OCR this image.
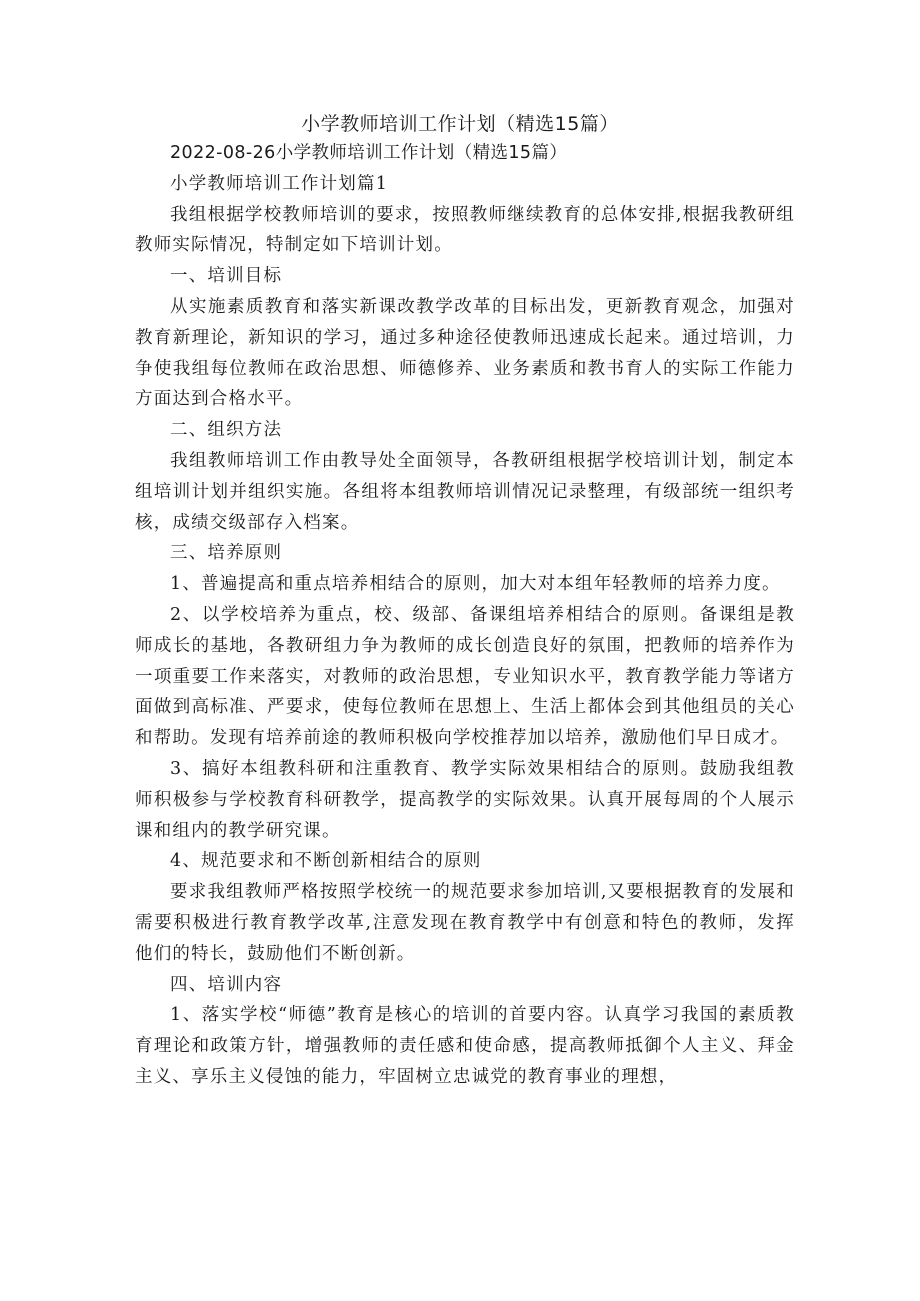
小学教师培训工作计划（精选15篇）

2022-08-26小学教师培训工作计划（精选15篇）

小学教师培训工作计划篇1

我组根据学校教师培训的要求，按照教师继续教育的总体安排,根据我教研组教师实际情况，特制定如下培训计划。

一、培训目标

从实施素质教育和落实新课改教学改革的目标出发，更新教育观念，加强对教育新理论，新知识的学习，通过多种途径使教师迅速成长起来。通过培训，力争使我组每位教师在政治思想、师德修养、业务素质和教书育人的实际工作能力方面达到合格水平。

二、组织方法

我组教师培训工作由教导处全面领导，各教研组根据学校培训计划，制定本组培训计划并组织实施。各组将本组教师培训情况记录整理，有级部统一组织考核，成绩交级部存入档案。

三、培养原则

1、普遍提高和重点培养相结合的原则，加大对本组年轻教师的培养力度。

2、以学校培养为重点，校、级部、备课组培养相结合的原则。备课组是教师成长的基地，各教研组力争为教师的成长创造良好的氛围，把教师的培养作为一项重要工作来落实，对教师的政治思想，专业知识水平，教育教学能力等诸方面做到高标准、严要求，使每位教师在思想上、生活上都体会到其他组员的关心和帮助。发现有培养前途的教师积极向学校推荐加以培养，激励他们早日成才。

3、搞好本组教科研和注重教育、教学实际效果相结合的原则。鼓励我组教师积极参与学校教育科研教学，提高教学的实际效果。认真开展每周的个人展示课和组内的教学研究课。

4、规范要求和不断创新相结合的原则

要求我组教师严格按照学校统一的规范要求参加培训,又要根据教育的发展和需要积极进行教育教学改革,注意发现在教育教学中有创意和特色的教师，发挥他们的特长，鼓励他们不断创新。

四、培训内容

1、落实学校“师德”教育是核心的培训的首要内容。认真学习我国的素质教育理论和政策方针，增强教师的责任感和使命感，提高教师抵御个人主义、拜金主义、享乐主义侵蚀的能力，牢固树立忠诚党的教育事业的理想，
